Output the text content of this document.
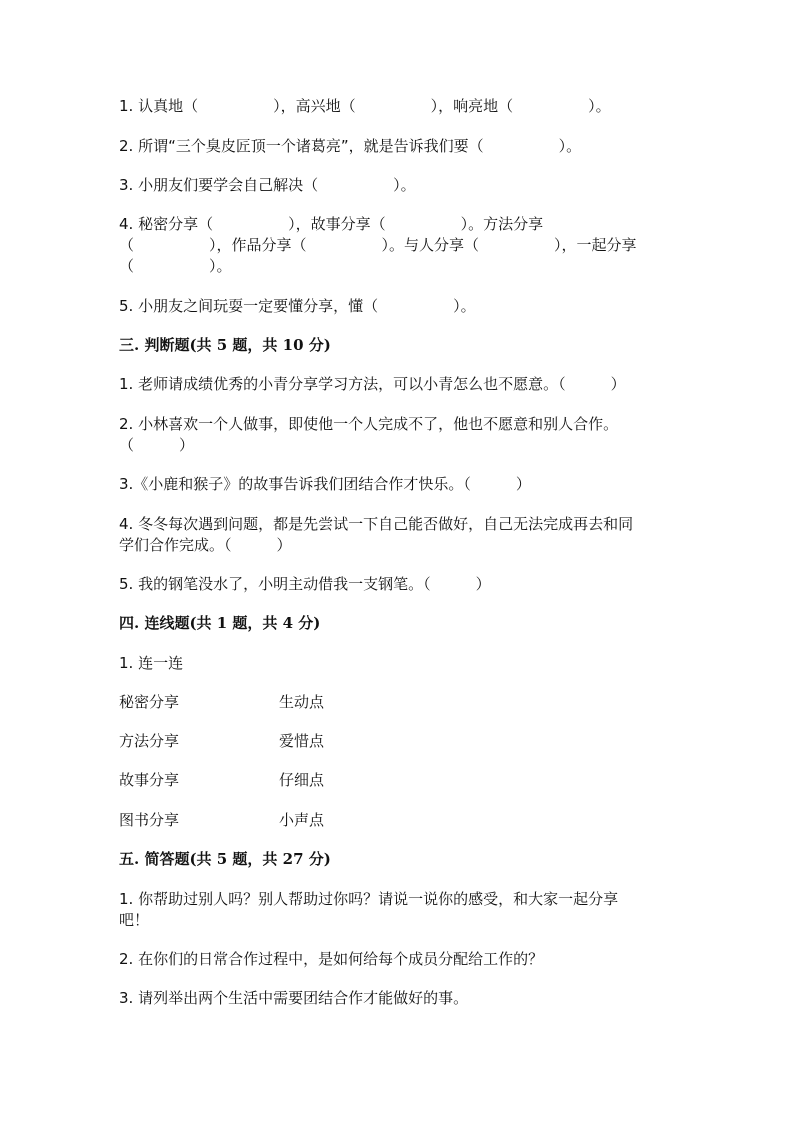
1. 认真地（　　　　　），高兴地（　　　　　），响亮地（　　　　　）。
2. 所谓“三个臭皮匠顶一个诸葛亮”，就是告诉我们要（　　　　　）。
3. 小朋友们要学会自己解决（　　　　　）。
4. 秘密分享（　　　　　），故事分享（　　　　　）。方法分享
（　　　　　），作品分享（　　　　　）。与人分享（　　　　　），一起分享
（　　　　　）。
5. 小朋友之间玩耍一定要懂分享，懂（　　　　　）。
三. 判断题(共 5 题，共 10 分)
1. 老师请成绩优秀的小青分享学习方法，可以小青怎么也不愿意。（　　　）
2. 小林喜欢一个人做事，即使他一个人完成不了，他也不愿意和别人合作。
（　　　）
3.《小鹿和猴子》的故事告诉我们团结合作才快乐。（　　　）
4. 冬冬每次遇到问题，都是先尝试一下自己能否做好，自己无法完成再去和同
学们合作完成。（　　　）
5. 我的钢笔没水了，小明主动借我一支钢笔。（　　　）
四. 连线题(共 1 题，共 4 分)
1. 连一连
秘密分享	生动点
方法分享	爱惜点
故事分享	仔细点
图书分享	小声点
五. 简答题(共 5 题，共 27 分)
1. 你帮助过别人吗？别人帮助过你吗？请说一说你的感受，和大家一起分享
吧！
2. 在你们的日常合作过程中，是如何给每个成员分配给工作的？
3. 请列举出两个生活中需要团结合作才能做好的事。
